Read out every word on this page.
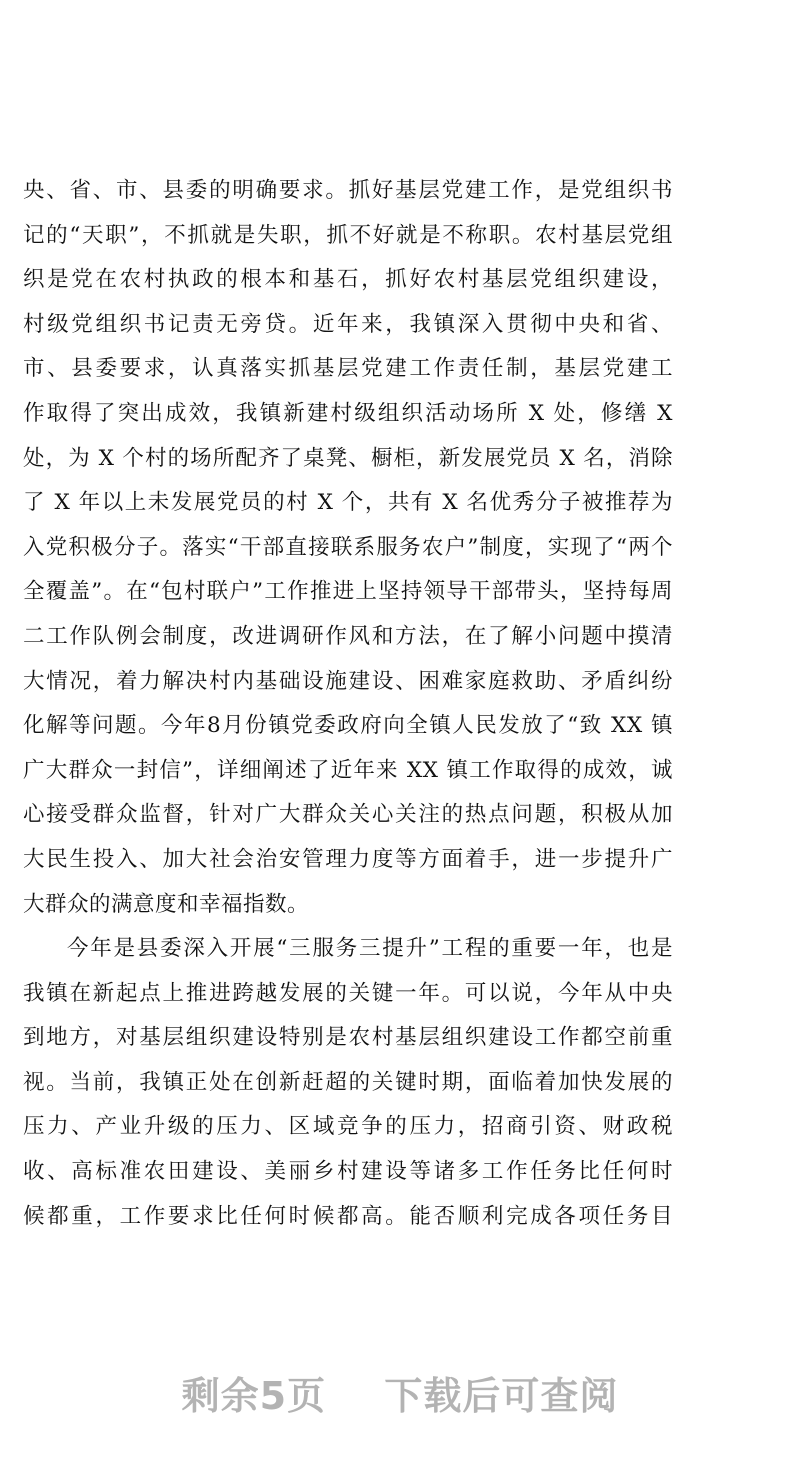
央、省、市、县委的明确要求。抓好基层党建工作，是党组织书
记的“天职”，不抓就是失职，抓不好就是不称职。农村基层党组
织是党在农村执政的根本和基石，抓好农村基层党组织建设，
村级党组织书记责无旁贷。近年来，我镇深入贯彻中央和省、
市、县委要求，认真落实抓基层党建工作责任制，基层党建工
作取得了突出成效，我镇新建村级组织活动场所 X 处，修缮 X
处，为 X 个村的场所配齐了桌凳、橱柜，新发展党员 X 名，消除
了 X 年以上未发展党员的村 X 个，共有 X 名优秀分子被推荐为
入党积极分子。落实“干部直接联系服务农户”制度，实现了“两个
全覆盖”。在“包村联户”工作推进上坚持领导干部带头，坚持每周
二工作队例会制度，改进调研作风和方法，在了解小问题中摸清
大情况，着力解决村内基础设施建设、困难家庭救助、矛盾纠纷
化解等问题。今年8月份镇党委政府向全镇人民发放了“致 XX 镇
广大群众一封信”，详细阐述了近年来 XX 镇工作取得的成效，诚
心接受群众监督，针对广大群众关心关注的热点问题，积极从加
大民生投入、加大社会治安管理力度等方面着手，进一步提升广
大群众的满意度和幸福指数。
今年是县委深入开展“三服务三提升”工程的重要一年，也是
我镇在新起点上推进跨越发展的关键一年。可以说，今年从中央
到地方，对基层组织建设特别是农村基层组织建设工作都空前重
视。当前，我镇正处在创新赶超的关键时期，面临着加快发展的
压力、产业升级的压力、区域竞争的压力，招商引资、财政税
收、高标准农田建设、美丽乡村建设等诸多工作任务比任何时
候都重，工作要求比任何时候都高。能否顺利完成各项任务目
剩余5页 下载后可查阅
